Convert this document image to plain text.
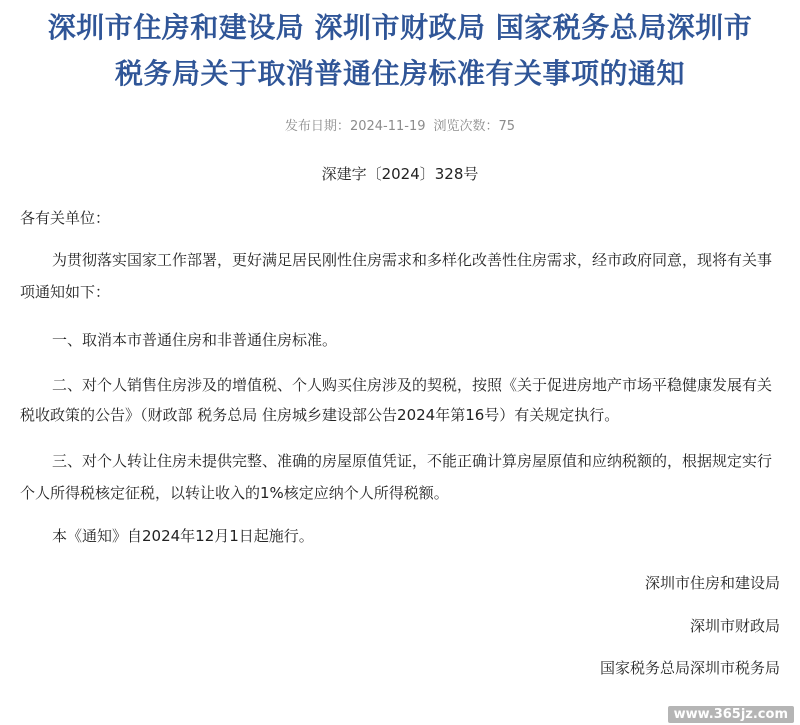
深圳市住房和建设局 深圳市财政局 国家税务总局深圳市
税务局关于取消普通住房标准有关事项的通知
发布日期：2024-11-19 浏览次数：75
深建字〔2024〕328号

各有关单位：

为贯彻落实国家工作部署，更好满足居民刚性住房需求和多样化改善性住房需求，经市政府同意，现将有关事

项通知如下：

一、取消本市普通住房和非普通住房标准。

二、对个人销售住房涉及的增值税、个人购买住房涉及的契税，按照《关于促进房地产市场平稳健康发展有关

税收政策的公告》（财政部 税务总局 住房城乡建设部公告2024年第16号）有关规定执行。

三、对个人转让住房未提供完整、准确的房屋原值凭证，不能正确计算房屋原值和应纳税额的，根据规定实行

个人所得税核定征税，以转让收入的1%核定应纳个人所得税额。

本《通知》自2024年12月1日起施行。

深圳市住房和建设局
深圳市财政局
国家税务总局深圳市税务局
www.365jz.com
